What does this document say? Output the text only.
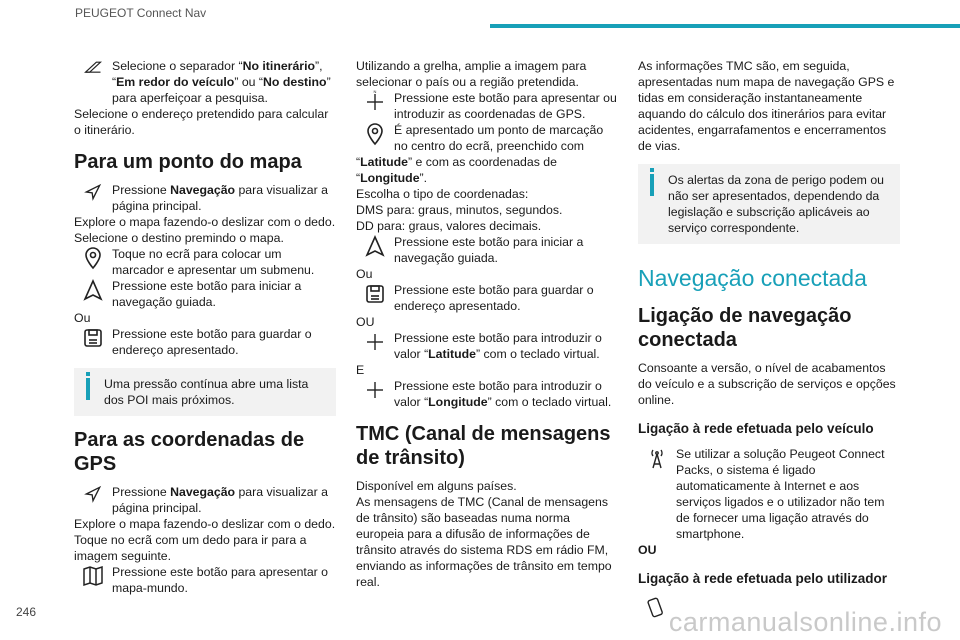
PEUGEOT Connect Nav
Selecione o separador “No itinerário”, “Em redor do veículo” ou “No destino” para aperfeiçoar a pesquisa.

Selecione o endereço pretendido para calcular o itinerário.

Para um ponto do mapa
Pressione Navegação para visualizar a página principal.

Explore o mapa fazendo-o deslizar com o dedo.

Selecione o destino premindo o mapa.

Toque no ecrã para colocar um marcador e apresentar um submenu.
Pressione este botão para iniciar a navegação guiada.

Ou

Pressione este botão para guardar o endereço apresentado.
Uma pressão contínua abre uma lista dos POI mais próximos.
Para as coordenadas de GPS
Pressione Navegação para visualizar a página principal.

Explore o mapa fazendo-o deslizar com o dedo.

Toque no ecrã com um dedo para ir para a imagem seguinte.

Pressione este botão para apresentar o mapa-mundo.

Utilizando a grelha, amplie a imagem para selecionar o país ou a região pretendida.

N Pressione este botão para apresentar ou introduzir as coordenadas de GPS.
É apresentado um ponto de marcação no centro do ecrã, preenchido com

“Latitude” e com as coordenadas de

“Longitude”.

Escolha o tipo de coordenadas:

DMS para: graus, minutos, segundos.

DD para: graus, valores decimais.

Pressione este botão para iniciar a navegação guiada.

Ou

Pressione este botão para guardar o endereço apresentado.

OU

Pressione este botão para introduzir o valor “Latitude” com o teclado virtual.

E

Pressione este botão para introduzir o valor “Longitude” com o teclado virtual.
TMC (Canal de mensagens de trânsito)

Disponível em alguns países.

As mensagens de TMC (Canal de mensagens de trânsito) são baseadas numa norma europeia para a difusão de informações de trânsito através do sistema RDS em rádio FM, enviando as informações de trânsito em tempo real.

As informações TMC são, em seguida, apresentadas num mapa de navegação GPS e tidas em consideração instantaneamente aquando do cálculo dos itinerários para evitar acidentes, engarrafamentos e encerramentos de vias.

Os alertas da zona de perigo podem ou não ser apresentados, dependendo da legislação e subscrição aplicáveis ao serviço correspondente.
Navegação conectada
Ligação de navegação conectada

Consoante a versão, o nível de acabamentos do veículo e a subscrição de serviços e opções online.

Ligação à rede efetuada pelo veículo
Se utilizar a solução Peugeot Connect Packs, o sistema é ligado automaticamente à Internet e aos serviços ligados e o utilizador não tem de fornecer uma ligação através do smartphone.

OU

Ligação à rede efetuada pelo utilizador
246	carmanualsonline.info
